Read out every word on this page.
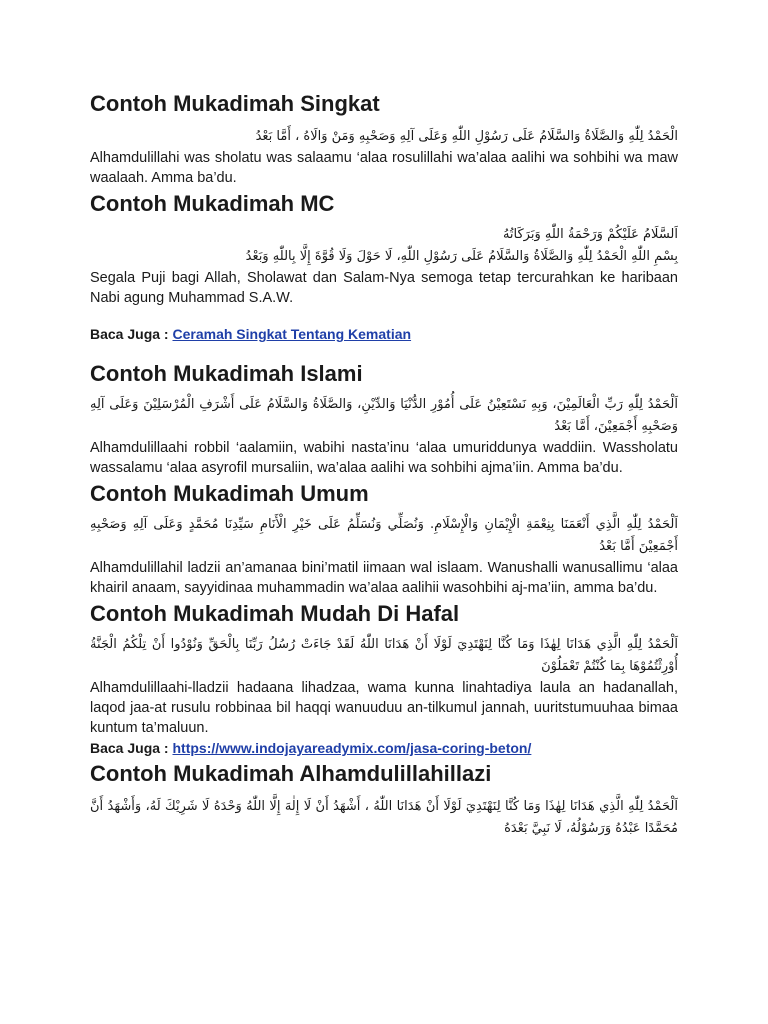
Contoh Mukadimah Singkat

الْحَمْدُ لِلّٰهِ وَالصَّلَاةُ وَالسَّلَامُ عَلَى رَسُوْلِ اللّٰهِ وَعَلَى آلِهِ وَصَحْبِهِ وَمَنْ وَالَاهُ ، أَمَّا بَعْدُ

Alhamdulillahi was sholatu was salaamu ‘alaa rosulillahi wa’alaa aalihi wa sohbihi wa maw waalaah. Amma ba’du.

Contoh Mukadimah MC

اَلسَّلَامُ عَلَيْكُمْ وَرَحْمَةُ اللّٰهِ وَبَرَكَاتُهُ

بِسْمِ اللّٰهِ الْحَمْدُ لِلّٰهِ وَالصَّلَاةُ وَالسَّلَامُ عَلَى رَسُوْلِ اللّٰهِ، لَا حَوْلَ وَلَا قُوَّةَ إِلَّا بِاللّٰهِ وَبَعْدُ

Segala Puji bagi Allah, Sholawat dan Salam-Nya semoga tetap tercurahkan ke haribaan Nabi agung Muhammad S.A.W.

Baca Juga : Ceramah Singkat Tentang Kematian

Contoh Mukadimah Islami

اَلْحَمْدُ لِلّٰهِ رَبِّ الْعَالَمِيْنَ، وَبِهِ نَسْتَعِيْنُ عَلَى أُمُوْرِ الدُّنْيَا وَالدِّيْنِ، وَالصَّلَاةُ وَالسَّلَامُ عَلَى أَشْرَفِ الْمُرْسَلِيْنَ وَعَلَى آلِهِ وَصَحْبِهِ أَجْمَعِيْنَ، أَمَّا بَعْدُ

Alhamdulillaahi robbil ‘aalamiin, wabihi nasta’inu ‘alaa umuriddunya waddiin. Wassholatu wassalamu ‘alaa asyrofil mursaliin, wa’alaa aalihi wa sohbihi ajma’iin. Amma ba’du.

Contoh Mukadimah Umum

اَلْحَمْدُ لِلّٰهِ الَّذِي أَنْعَمَنَا بِنِعْمَةِ الْإِيْمَانِ وَالْإِسْلَامِ. وَنُصَلِّي وَنُسَلِّمُ عَلَى خَيْرِ الْأَنَامِ سَيِّدِنَا مُحَمَّدٍ وَعَلَى آلِهِ وَصَحْبِهِ أَجْمَعِيْنَ أَمَّا بَعْدُ

Alhamdulillahil ladzii an’amanaa bini’matil iimaan wal islaam. Wanushalli wanusallimu ‘alaa khairil anaam, sayyidinaa muhammadin wa’alaa aalihii wasohbihi aj-ma’iin, amma ba’du.

Contoh Mukadimah Mudah Di Hafal

اَلْحَمْدُ لِلّٰهِ الَّذِي هَدَانَا لِهٰذَا وَمَا كُنَّا لِنَهْتَدِيَ لَوْلَا أَنْ هَدَانَا اللّٰهُ لَقَدْ جَاءَتْ رُسُلُ رَبِّنَا بِالْحَقِّ وَنُوْدُوا أَنْ تِلْكُمُ الْجَنَّةُ أُوْرِثْتُمُوْهَا بِمَا كُنْتُمْ تَعْمَلُوْنَ

Alhamdulillaahi-lladzii hadaana lihadzaa, wama kunna linahtadiya laula an hadanallah, laqod jaa-at rusulu robbinaa bil haqqi wanuuduu an-tilkumul jannah, uuritstumuuhaa bimaa kuntum ta’maluun.

Baca Juga : https://www.indojayareadymix.com/jasa-coring-beton/

Contoh Mukadimah Alhamdulillahillazi

اَلْحَمْدُ لِلّٰهِ الَّذِي هَدَانَا لِهٰذَا وَمَا كُنَّا لِنَهْتَدِيَ لَوْلَا أَنْ هَدَانَا اللّٰهُ ، أَشْهَدُ أَنْ لَا إِلٰهَ إِلَّا اللّٰهُ وَحْدَهُ لَا شَرِيْكَ لَهُ، وَأَشْهَدُ أَنَّ مُحَمَّدًا عَبْدُهُ وَرَسُوْلُهُ، لَا نَبِيَّ بَعْدَهُ
